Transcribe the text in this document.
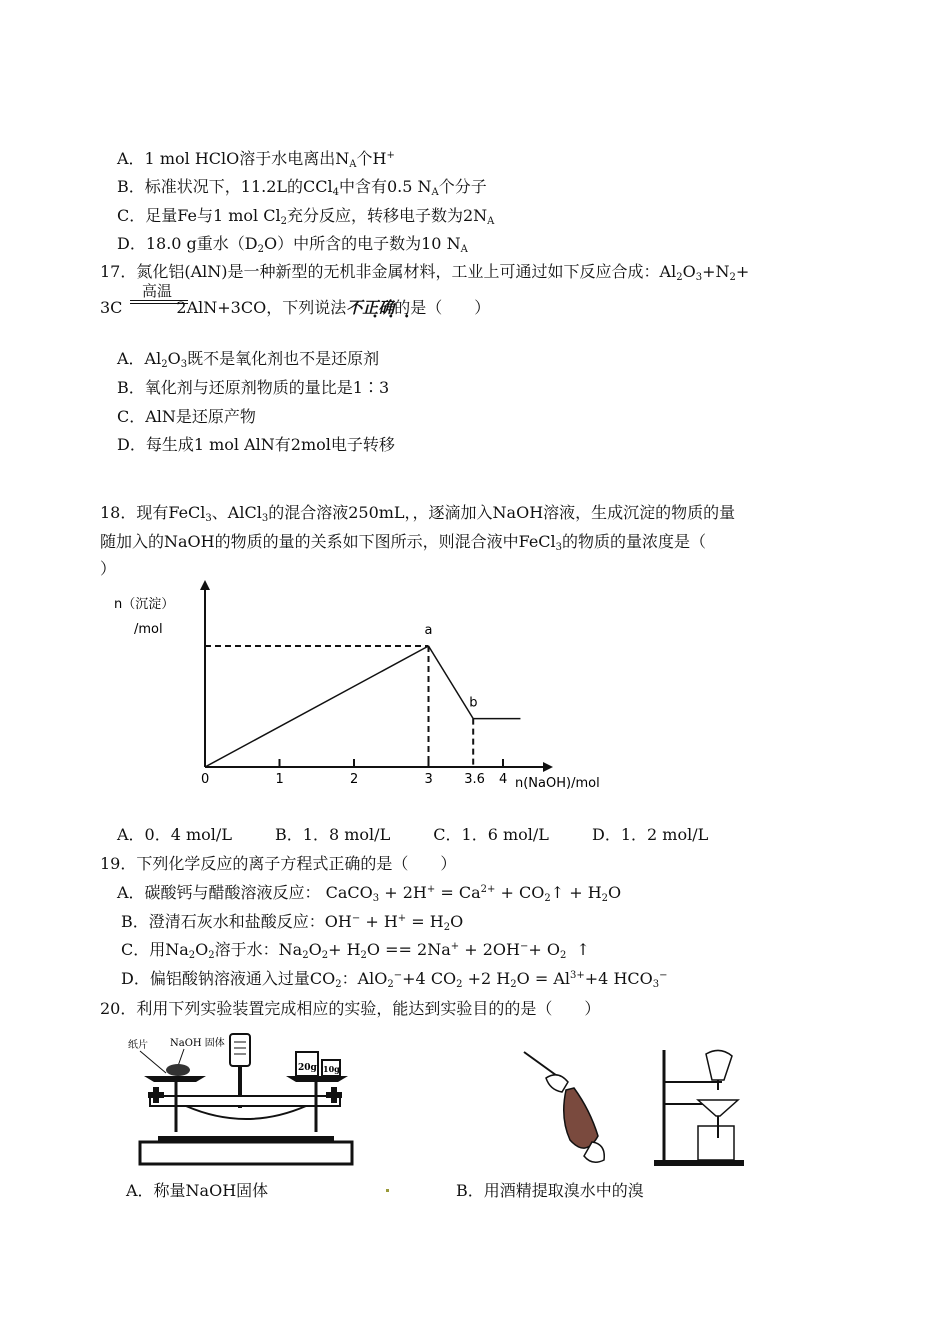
A．1 mol HClO溶于水电离出$N_A$个H+
B．标准状况下，11.2L的CCl$_4$中含有0.5 $N_A$个分子
C．足量Fe与1 mol $Cl_2$充分反应，转移电子数为$2N_A$
D．18.0 g重水$(D_2O)$中所含的电子数为10 $N_A$
17．氮化铝(AlN)是一种新型的无机非金属材料，工业上可通过如下反应合成：$Al_2O_3+N_2+$
高温
3C	2AlN+3CO，下列说法不正确的是（　　）
•••
A．$Al_2O_3$既不是氧化剂也不是还原剂
B．氧化剂与还原剂物质的量比是1∶3
C．AlN是还原产物
D．每生成1 mol AlN有2mol电子转移
18．现有FeCl$_3$、AlCl$_3$的混合溶液250mL，，逐滴加入NaOH溶液，生成沉淀的物质的量
随加入的NaOH的物质的量的关系如下图所示，则混合液中FeCl$_3$的物质的量浓度是（
）
n（沉淀）
/mol
n(NaOH)/mol
0	1	2	3 3.6 4
a
b
A．0．4 mol/L	B．1．8 mol/L	C．1．6 mol/L	D．1．2 mol/L
19．下列化学反应的离子方程式正确的是（　　）
A．碳酸钙与醋酸溶液反应： CaCO$_3$ + $2H^+ = Ca^{2+}$ + $CO_2↑ + H_2O$
B．澄清石灰水和盐酸反应：$OH^- + H^+ = H_2O$
C．用$Na_2O_2$溶于水：$Na_2O_2+ H_2O == 2Na^+ + 2OH^-+ O_2$ ↑
D．偏铝酸钠溶液通入过量$CO_2$：AlO$_2$−+4 $CO_2 +2$ $H_2O = Al^{3+}+4$ $HCO_3^-$
20．利用下列实验装置完成相应的实验，能达到实验目的的是（　　）
纸片 NaOH 固体
20g 10g
A．称量NaOH固体	B．用酒精提取溴水中的溴
